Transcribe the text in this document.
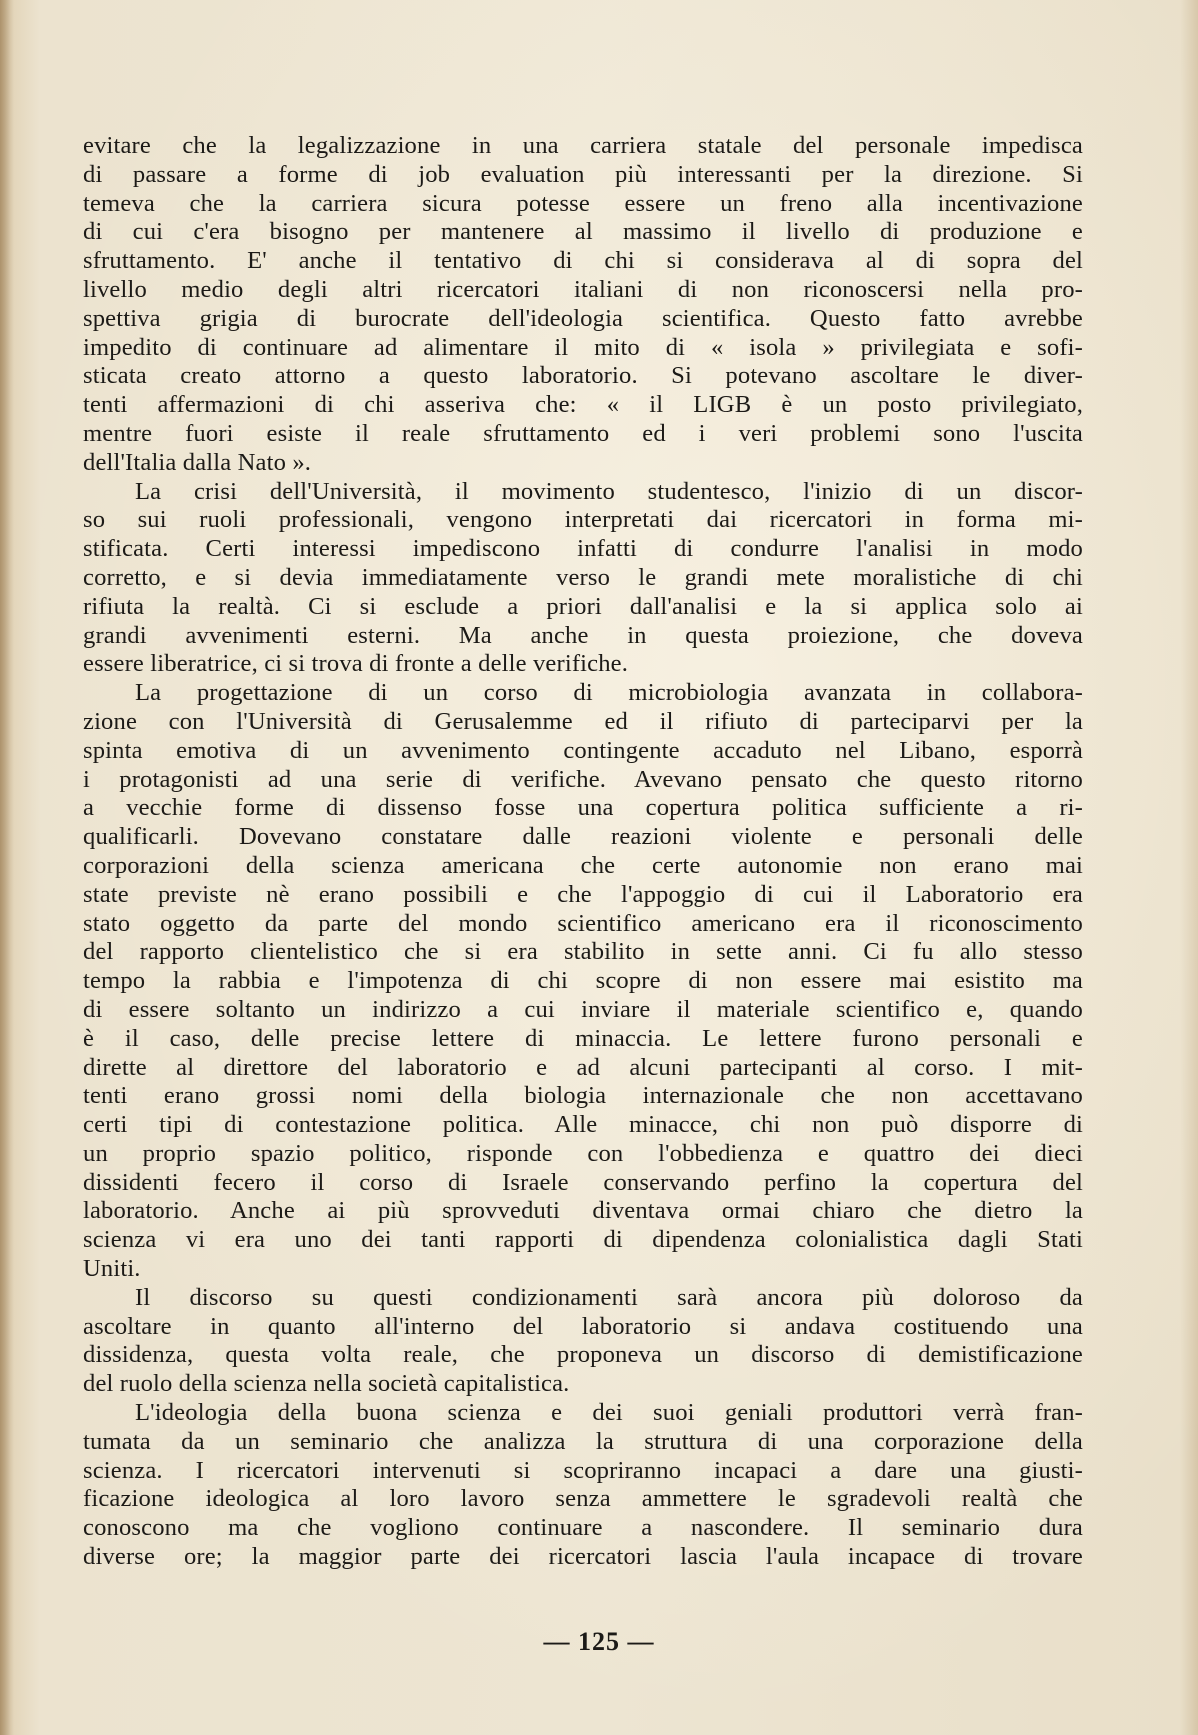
evitare che la legalizzazione in una carriera statale del personale impedisca
di passare a forme di job evaluation più interessanti per la direzione. Si
temeva che la carriera sicura potesse essere un freno alla incentivazione
di cui c'era bisogno per mantenere al massimo il livello di produzione e
sfruttamento. E' anche il tentativo di chi si considerava al di sopra del
livello medio degli altri ricercatori italiani di non riconoscersi nella pro-
spettiva grigia di burocrate dell'ideologia scientifica. Questo fatto avrebbe
impedito di continuare ad alimentare il mito di « isola » privilegiata e sofi-
sticata creato attorno a questo laboratorio. Si potevano ascoltare le diver-
tenti affermazioni di chi asseriva che: « il LIGB è un posto privilegiato,
mentre fuori esiste il reale sfruttamento ed i veri problemi sono l'uscita
dell'Italia dalla Nato ».
La crisi dell'Università, il movimento studentesco, l'inizio di un discor-
so sui ruoli professionali, vengono interpretati dai ricercatori in forma mi-
stificata. Certi interessi impediscono infatti di condurre l'analisi in modo
corretto, e si devia immediatamente verso le grandi mete moralistiche di chi
rifiuta la realtà. Ci si esclude a priori dall'analisi e la si applica solo ai
grandi avvenimenti esterni. Ma anche in questa proiezione, che doveva
essere liberatrice, ci si trova di fronte a delle verifiche.
La progettazione di un corso di microbiologia avanzata in collabora-
zione con l'Università di Gerusalemme ed il rifiuto di parteciparvi per la
spinta emotiva di un avvenimento contingente accaduto nel Libano, esporrà
i protagonisti ad una serie di verifiche. Avevano pensato che questo ritorno
a vecchie forme di dissenso fosse una copertura politica sufficiente a ri-
qualificarli. Dovevano constatare dalle reazioni violente e personali delle
corporazioni della scienza americana che certe autonomie non erano mai
state previste nè erano possibili e che l'appoggio di cui il Laboratorio era
stato oggetto da parte del mondo scientifico americano era il riconoscimento
del rapporto clientelistico che si era stabilito in sette anni. Ci fu allo stesso
tempo la rabbia e l'impotenza di chi scopre di non essere mai esistito ma
di essere soltanto un indirizzo a cui inviare il materiale scientifico e, quando
è il caso, delle precise lettere di minaccia. Le lettere furono personali e
dirette al direttore del laboratorio e ad alcuni partecipanti al corso. I mit-
tenti erano grossi nomi della biologia internazionale che non accettavano
certi tipi di contestazione politica. Alle minacce, chi non può disporre di
un proprio spazio politico, risponde con l'obbedienza e quattro dei dieci
dissidenti fecero il corso di Israele conservando perfino la copertura del
laboratorio. Anche ai più sprovveduti diventava ormai chiaro che dietro la
scienza vi era uno dei tanti rapporti di dipendenza colonialistica dagli Stati
Uniti.
Il discorso su questi condizionamenti sarà ancora più doloroso da
ascoltare in quanto all'interno del laboratorio si andava costituendo una
dissidenza, questa volta reale, che proponeva un discorso di demistificazione
del ruolo della scienza nella società capitalistica.
L'ideologia della buona scienza e dei suoi geniali produttori verrà fran-
tumata da un seminario che analizza la struttura di una corporazione della
scienza. I ricercatori intervenuti si scopriranno incapaci a dare una giusti-
ficazione ideologica al loro lavoro senza ammettere le sgradevoli realtà che
conoscono ma che vogliono continuare a nascondere. Il seminario dura
diverse ore; la maggior parte dei ricercatori lascia l'aula incapace di trovare
— 125 —
